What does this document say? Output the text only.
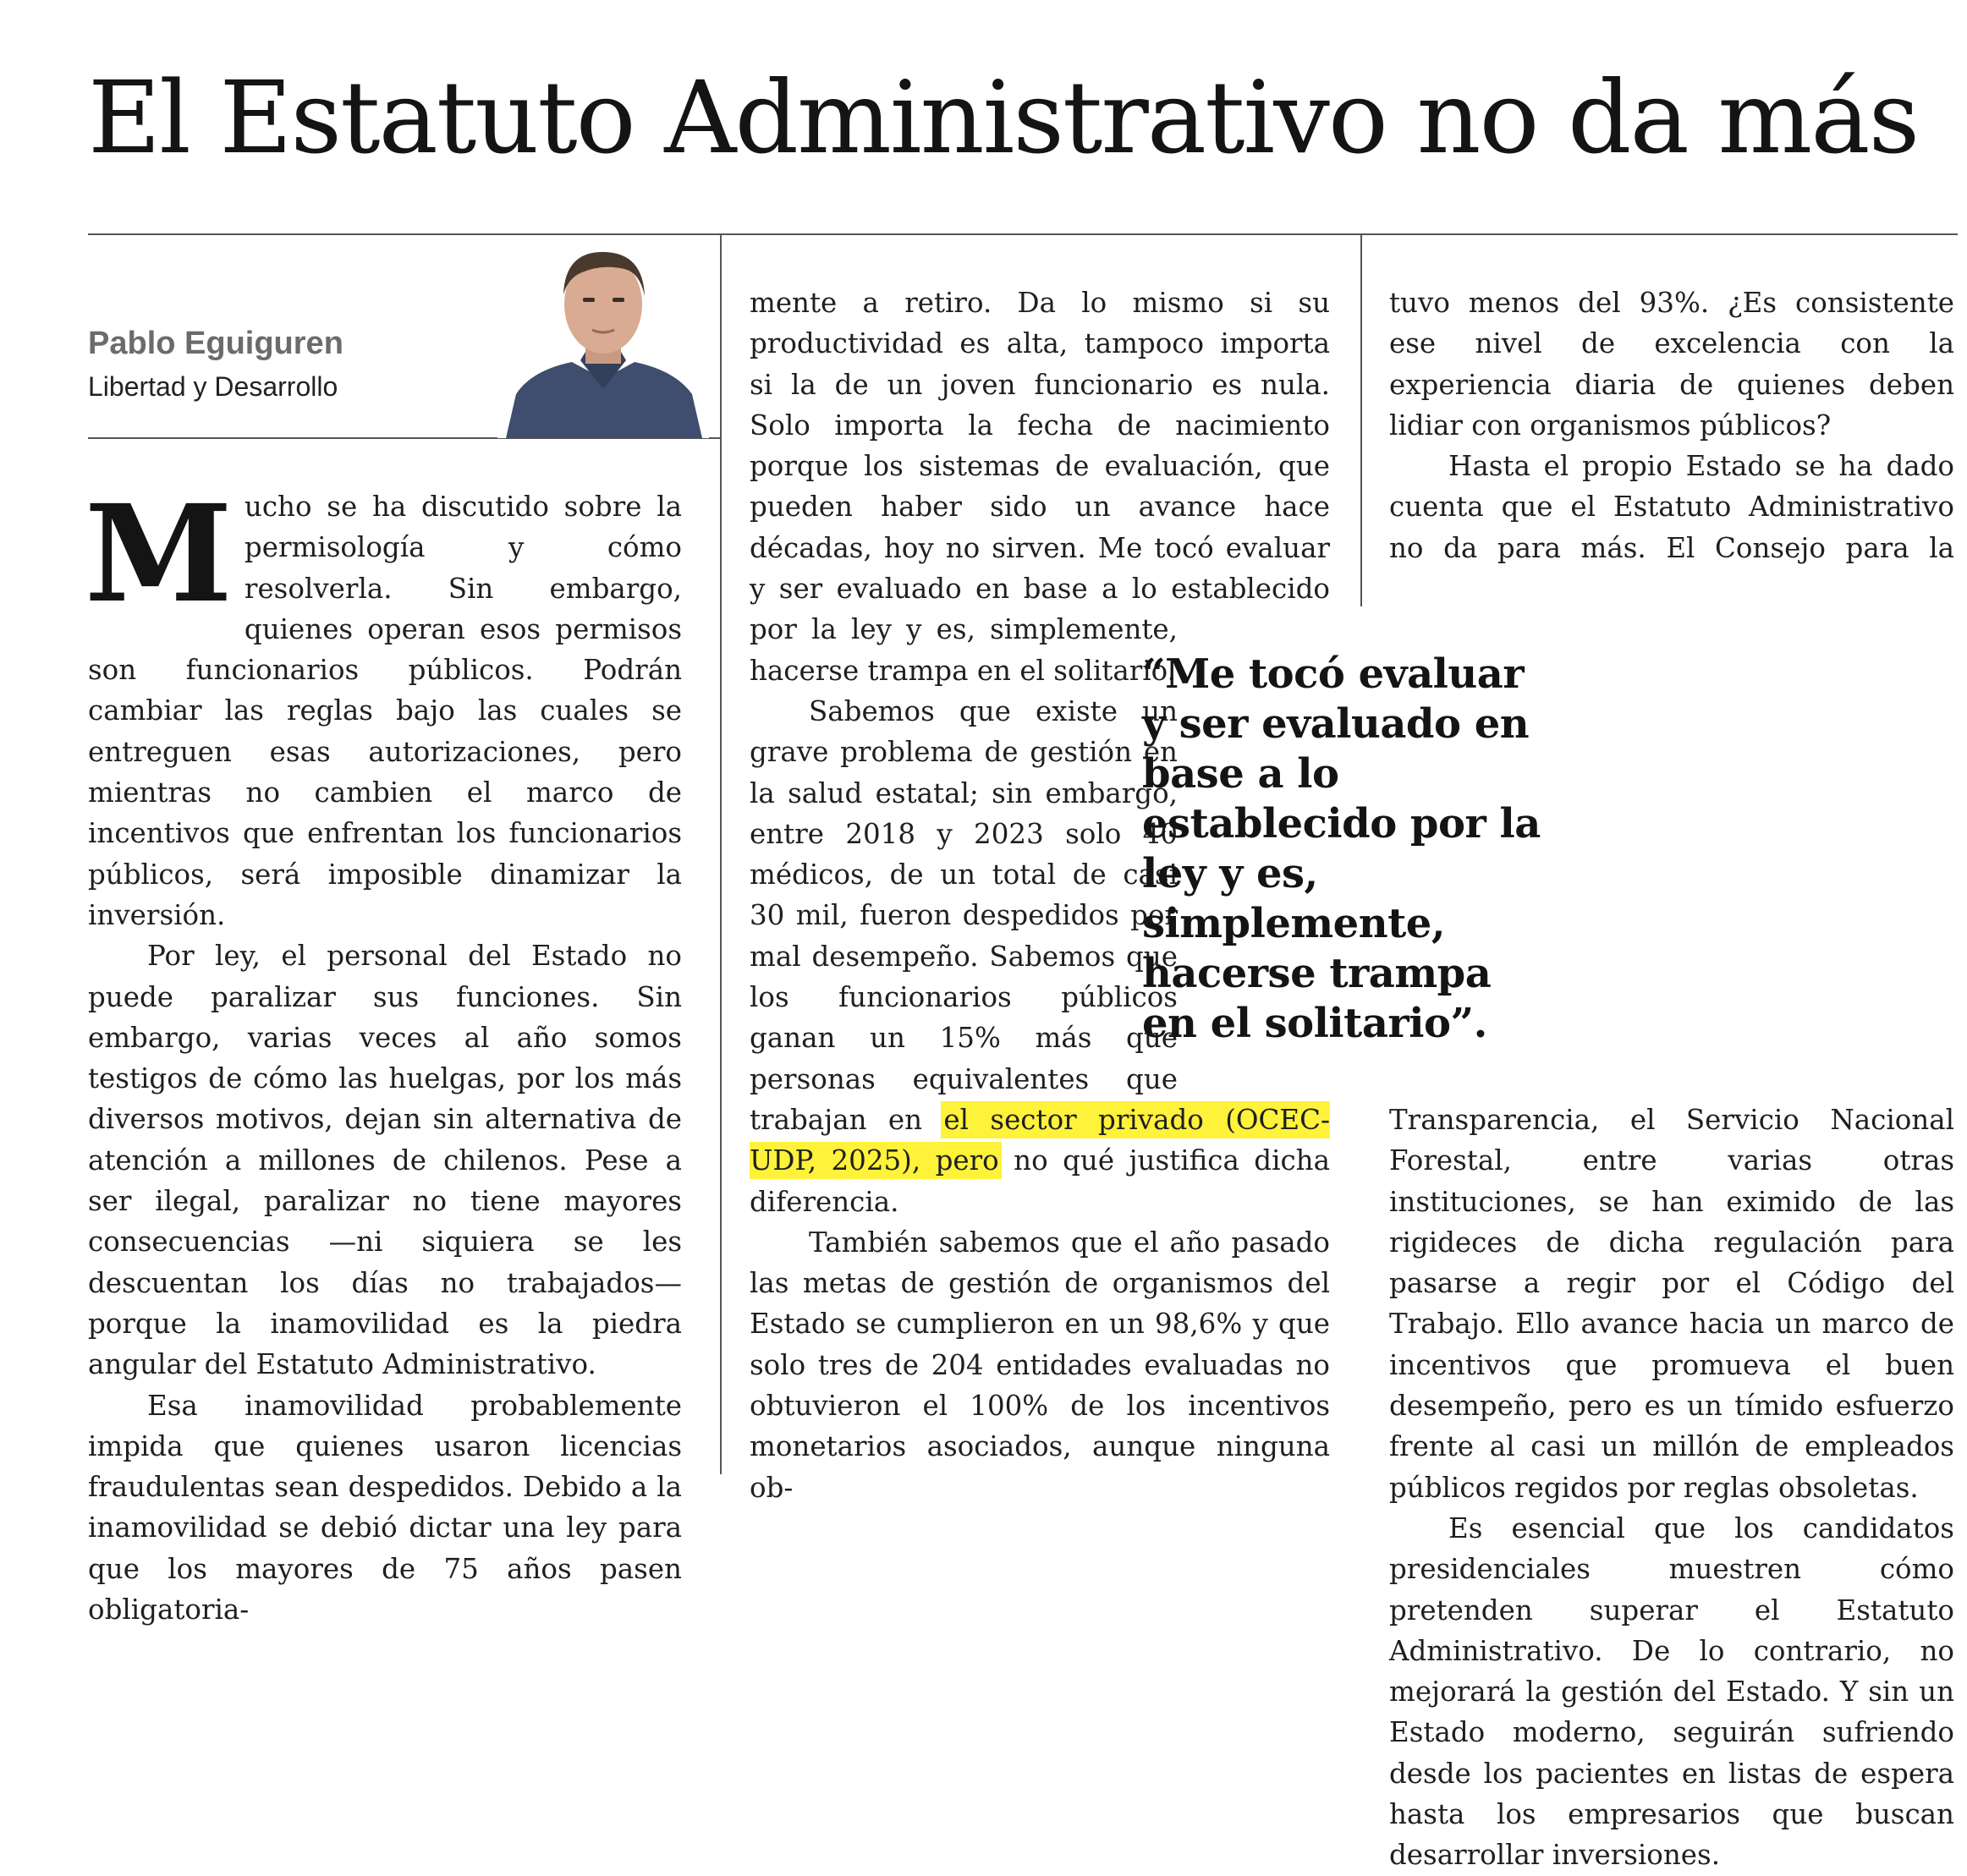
El Estatuto Administrativo no da más
Pablo Eguiguren
Libertad y Desarrollo

Mucho se ha discutido sobre la permisología y cómo resolverla. Sin embargo, quienes operan esos permisos son funcionarios públicos. Podrán cambiar las reglas bajo las cuales se entreguen esas autorizaciones, pero mientras no cambien el marco de incentivos que enfrentan los funcionarios públicos, será imposible dinamizar la inversión.

Por ley, el personal del Estado no puede paralizar sus funciones. Sin embargo, varias veces al año somos testigos de cómo las huelgas, por los más diversos motivos, dejan sin alternativa de atención a millones de chilenos. Pese a ser ilegal, paralizar no tiene mayores consecuencias —ni siquiera se les descuentan los días no trabajados— porque la inamovilidad es la piedra angular del Estatuto Administrativo.

Esa inamovilidad probablemente impida que quienes usaron licencias fraudulentas sean despedidos. Debido a la inamovilidad se debió dictar una ley para que los mayores de 75 años pasen obligatoria-

mente a retiro. Da lo mismo si su productividad es alta, tampoco importa si la de un joven funcionario es nula. Solo importa la fecha de nacimiento porque los sistemas de evaluación, que pueden haber sido un avance hace décadas, hoy no sirven. Me tocó evaluar y ser evaluado en base a lo establecido por la ley y es, simplemente, hacerse trampa en el solitario.

Sabemos que existe un grave problema de gestión en la salud estatal; sin embargo, entre 2018 y 2023 solo 40 médicos, de un total de casi 30 mil, fueron despedidos por mal desempeño. Sabemos que los funcionarios públicos ganan un 15% más que personas equivalentes que trabajan en el sector privado (OCEC-UDP, 2025), pero no qué justifica dicha diferencia.

También sabemos que el año pasado las metas de gestión de organismos del Estado se cumplieron en un 98,6% y que solo tres de 204 entidades evaluadas no obtuvieron el 100% de los incentivos monetarios asociados, aunque ninguna ob-

tuvo menos del 93%. ¿Es consistente ese nivel de excelencia con la experiencia diaria de quienes deben lidiar con organismos públicos?

Hasta el propio Estado se ha dado cuenta que el Estatuto Administrativo no da para más. El Consejo para la Transparencia, el Servicio Nacional Forestal, entre varias otras instituciones, se han eximido de las rigideces de dicha regulación para pasarse a regir por el Código del Trabajo. Ello avance hacia un marco de incentivos que promueva el buen desempeño, pero es un tímido esfuerzo frente al casi un millón de empleados públicos regidos por reglas obsoletas.

Es esencial que los candidatos presidenciales muestren cómo pretenden superar el Estatuto Administrativo. De lo contrario, no mejorará la gestión del Estado. Y sin un Estado moderno, seguirán sufriendo desde los pacientes en listas de espera hasta los empresarios que buscan desarrollar inversiones.

“Me tocó evaluar y ser evaluado en base a lo establecido por la ley y es, simplemente, hacerse trampa en el solitario”.
